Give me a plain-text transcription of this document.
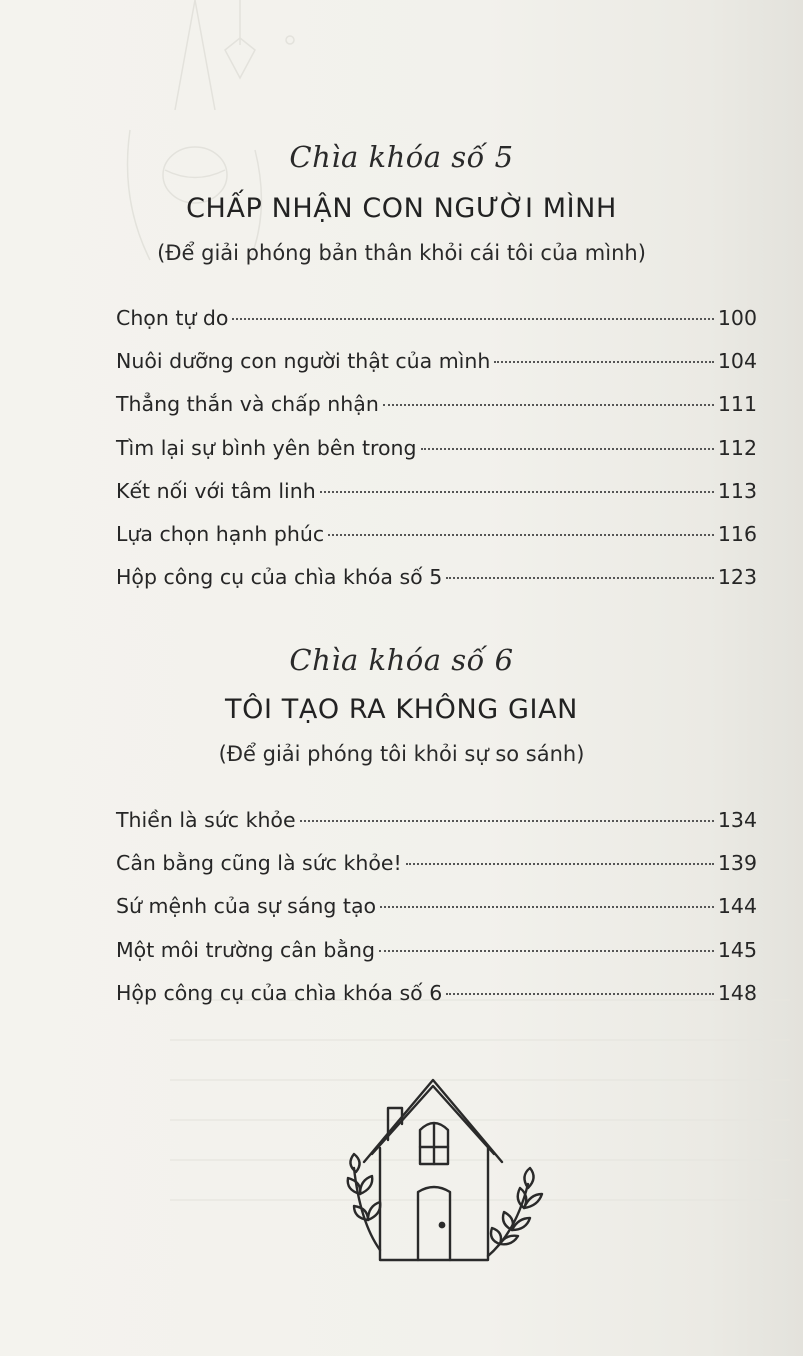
Chìa khóa số 5
CHẤP NHẬN CON NGƯỜI MÌNH
(Để giải phóng bản thân khỏi cái tôi của mình)
Chọn tự do	100
Nuôi dưỡng con người thật của mình	104
Thẳng thắn và chấp nhận	111
Tìm lại sự bình yên bên trong	112
Kết nối với tâm linh	113
Lựa chọn hạnh phúc	116
Hộp công cụ của chìa khóa số 5	123
Chìa khóa số 6
TÔI TẠO RA KHÔNG GIAN
(Để giải phóng tôi khỏi sự so sánh)
Thiền là sức khỏe	134
Cân bằng cũng là sức khỏe!	139
Sứ mệnh của sự sáng tạo	144
Một môi trường cân bằng	145
Hộp công cụ của chìa khóa số 6	148
